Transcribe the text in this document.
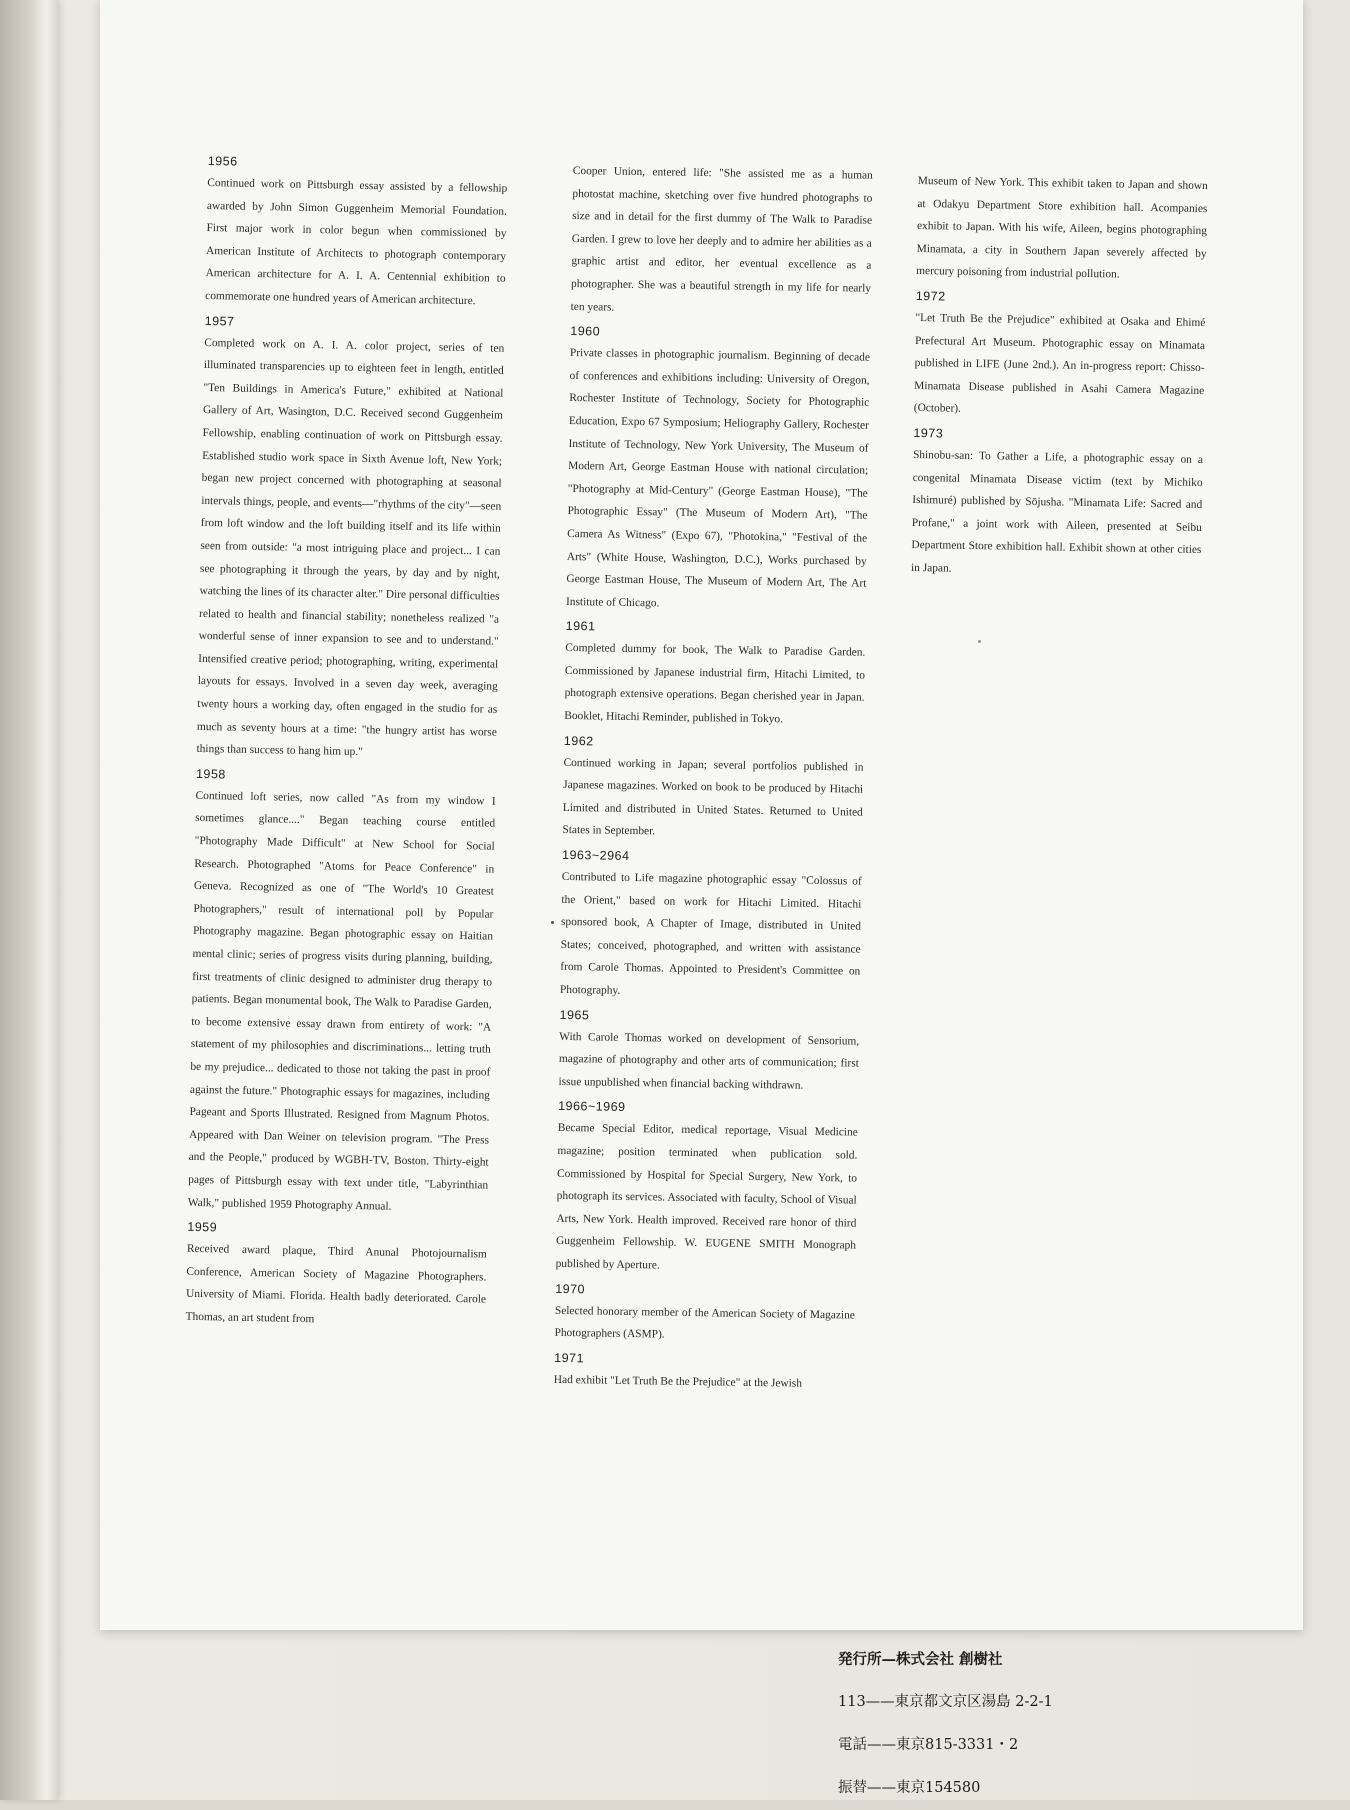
1956

Continued work on Pittsburgh essay assisted by a fellowship awarded by John Simon Guggenheim Memorial Foundation. First major work in color begun when commissioned by American Institute of Architects to photograph contemporary American architecture for A. I. A. Centennial exhibition to commemorate one hundred years of American architecture.

1957

Completed work on A. I. A. color project, series of ten illuminated transparencies up to eighteen feet in length, entitled "Ten Buildings in America's Future," exhibited at National Gallery of Art, Wasington, D.C. Received second Guggenheim Fellowship, enabling continuation of work on Pittsburgh essay. Established studio work space in Sixth Avenue loft, New York; began new project concerned with photographing at seasonal intervals things, people, and events—"rhythms of the city"—seen from loft window and the loft building itself and its life within seen from outside: "a most intriguing place and project... I can see photographing it through the years, by day and by night, watching the lines of its character alter." Dire personal difficulties related to health and financial stability; nonetheless realized "a wonderful sense of inner expansion to see and to understand." Intensified creative period; photographing, writing, experimental layouts for essays. Involved in a seven day week, averaging twenty hours a working day, often engaged in the studio for as much as seventy hours at a time: "the hungry artist has worse things than success to hang him up."

1958

Continued loft series, now called "As from my window I sometimes glance...." Began teaching course entitled "Photography Made Difficult" at New School for Social Research. Photographed "Atoms for Peace Conference" in Geneva. Recognized as one of "The World's 10 Greatest Photographers," result of international poll by Popular Photography magazine. Began photographic essay on Haitian mental clinic; series of progress visits during planning, building, first treatments of clinic designed to administer drug therapy to patients. Began monumental book, The Walk to Paradise Garden, to become extensive essay drawn from entirety of work: "A statement of my philosophies and discriminations... letting truth be my prejudice... dedicated to those not taking the past in proof against the future." Photographic essays for magazines, including Pageant and Sports Illustrated. Resigned from Magnum Photos. Appeared with Dan Weiner on television program. "The Press and the People," produced by WGBH-TV, Boston. Thirty-eight pages of Pittsburgh essay with text under title, "Labyrinthian Walk," published 1959 Photography Annual.

1959

Received award plaque, Third Anunal Photojournalism Conference, American Society of Magazine Photographers. University of Miami. Florida. Health badly deteriorated. Carole Thomas, an art student from

Cooper Union, entered life: "She assisted me as a human photostat machine, sketching over five hundred photographs to size and in detail for the first dummy of The Walk to Paradise Garden. I grew to love her deeply and to admire her abilities as a graphic artist and editor, her eventual excellence as a photographer. She was a beautiful strength in my life for nearly ten years.

1960

Private classes in photographic journalism. Beginning of decade of conferences and exhibitions including: University of Oregon, Rochester Institute of Technology, Society for Photographic Education, Expo 67 Symposium; Heliography Gallery, Rochester Institute of Technology, New York University, The Museum of Modern Art, George Eastman House with national circulation; "Photography at Mid-Century" (George Eastman House), "The Photographic Essay" (The Museum of Modern Art), "The Camera As Witness" (Expo 67), "Photokina," "Festival of the Arts" (White House, Washington, D.C.), Works purchased by George Eastman House, The Museum of Modern Art, The Art Institute of Chicago.

1961

Completed dummy for book, The Walk to Paradise Garden. Commissioned by Japanese industrial firm, Hitachi Limited, to photograph extensive operations. Began cherished year in Japan. Booklet, Hitachi Reminder, published in Tokyo.

1962

Continued working in Japan; several portfolios published in Japanese magazines. Worked on book to be produced by Hitachi Limited and distributed in United States. Returned to United States in September.

1963~2964

Contributed to Life magazine photographic essay "Colossus of the Orient," based on work for Hitachi Limited. Hitachi sponsored book, A Chapter of Image, distributed in United States; conceived, photographed, and written with assistance from Carole Thomas. Appointed to President's Committee on Photography.

1965

With Carole Thomas worked on development of Sensorium, magazine of photography and other arts of communication; first issue unpublished when financial backing withdrawn.

1966~1969

Became Special Editor, medical reportage, Visual Medicine magazine; position terminated when publication sold. Commissioned by Hospital for Special Surgery, New York, to photograph its services. Associated with faculty, School of Visual Arts, New York. Health improved. Received rare honor of third Guggenheim Fellowship. W. EUGENE SMITH Monograph published by Aperture.

1970

Selected honorary member of the American Society of Magazine Photographers (ASMP).

1971

Had exhibit "Let Truth Be the Prejudice" at the Jewish

Museum of New York. This exhibit taken to Japan and shown at Odakyu Department Store exhibition hall. Acompanies exhibit to Japan. With his wife, Aileen, begins photographing Minamata, a city in Southern Japan severely affected by mercury poisoning from industrial pollution.

1972

"Let Truth Be the Prejudice" exhibited at Osaka and Ehimé Prefectural Art Museum. Photographic essay on Minamata published in LIFE (June 2nd.). An in-progress report: Chisso-Minamata Disease published in Asahi Camera Magazine (October).

1973

Shinobu-san: To Gather a Life, a photographic essay on a congenital Minamata Disease victim (text by Michiko Ishimuré) published by Sōjusha. "Minamata Life: Sacred and Profane," a joint work with Aileen, presented at Seibu Department Store exhibition hall. Exhibit shown at other cities in Japan.

発行所—株式会社 創樹社
113——東京都文京区湯島 2-2-1
電話——東京815-3331・2
振替——東京154580
